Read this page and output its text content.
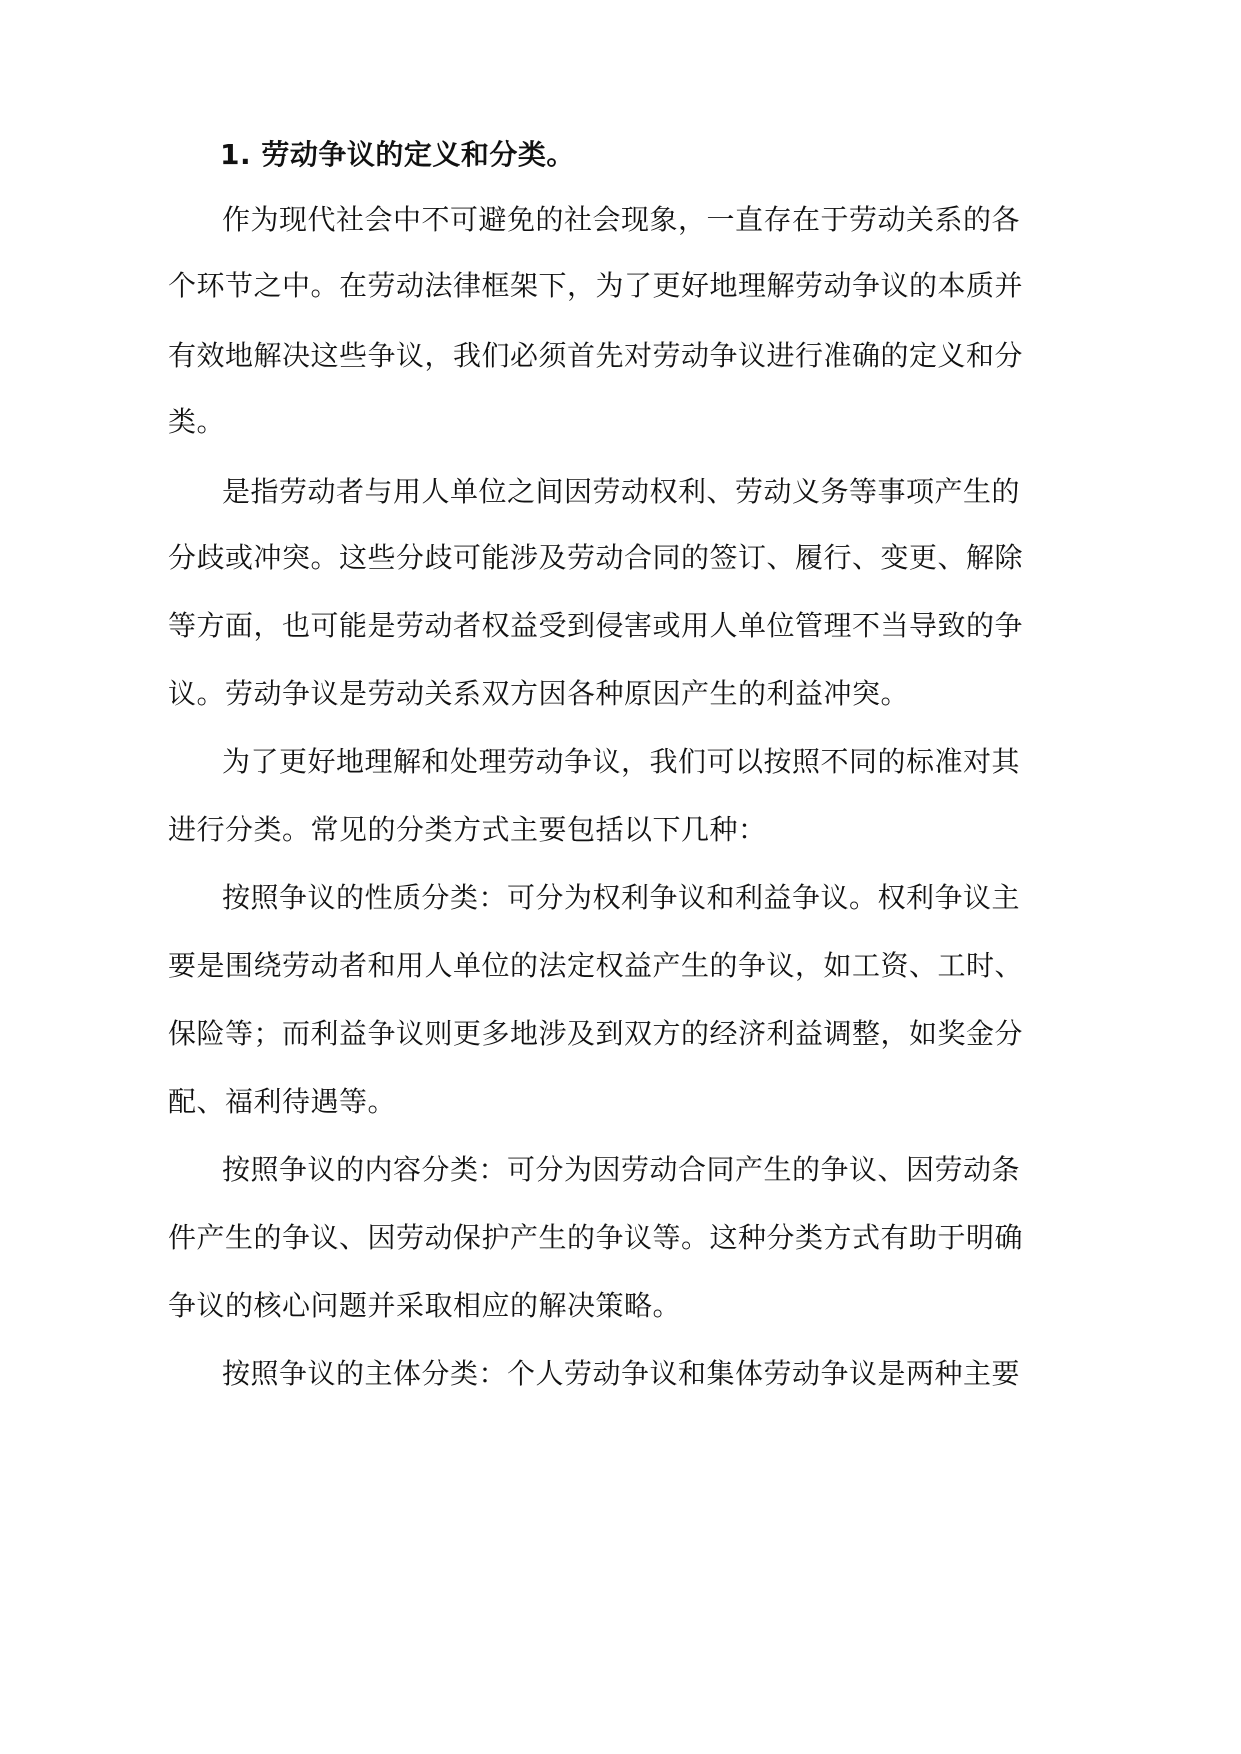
1. 劳动争议的定义和分类。
作为现代社会中不可避免的社会现象，一直存在于劳动关系的各
个环节之中。在劳动法律框架下，为了更好地理解劳动争议的本质并
有效地解决这些争议，我们必须首先对劳动争议进行准确的定义和分
类。
是指劳动者与用人单位之间因劳动权利、劳动义务等事项产生的
分歧或冲突。这些分歧可能涉及劳动合同的签订、履行、变更、解除
等方面，也可能是劳动者权益受到侵害或用人单位管理不当导致的争
议。劳动争议是劳动关系双方因各种原因产生的利益冲突。
为了更好地理解和处理劳动争议，我们可以按照不同的标准对其
进行分类。常见的分类方式主要包括以下几种：
按照争议的性质分类：可分为权利争议和利益争议。权利争议主
要是围绕劳动者和用人单位的法定权益产生的争议，如工资、工时、
保险等；而利益争议则更多地涉及到双方的经济利益调整，如奖金分
配、福利待遇等。
按照争议的内容分类：可分为因劳动合同产生的争议、因劳动条
件产生的争议、因劳动保护产生的争议等。这种分类方式有助于明确
争议的核心问题并采取相应的解决策略。
按照争议的主体分类：个人劳动争议和集体劳动争议是两种主要
